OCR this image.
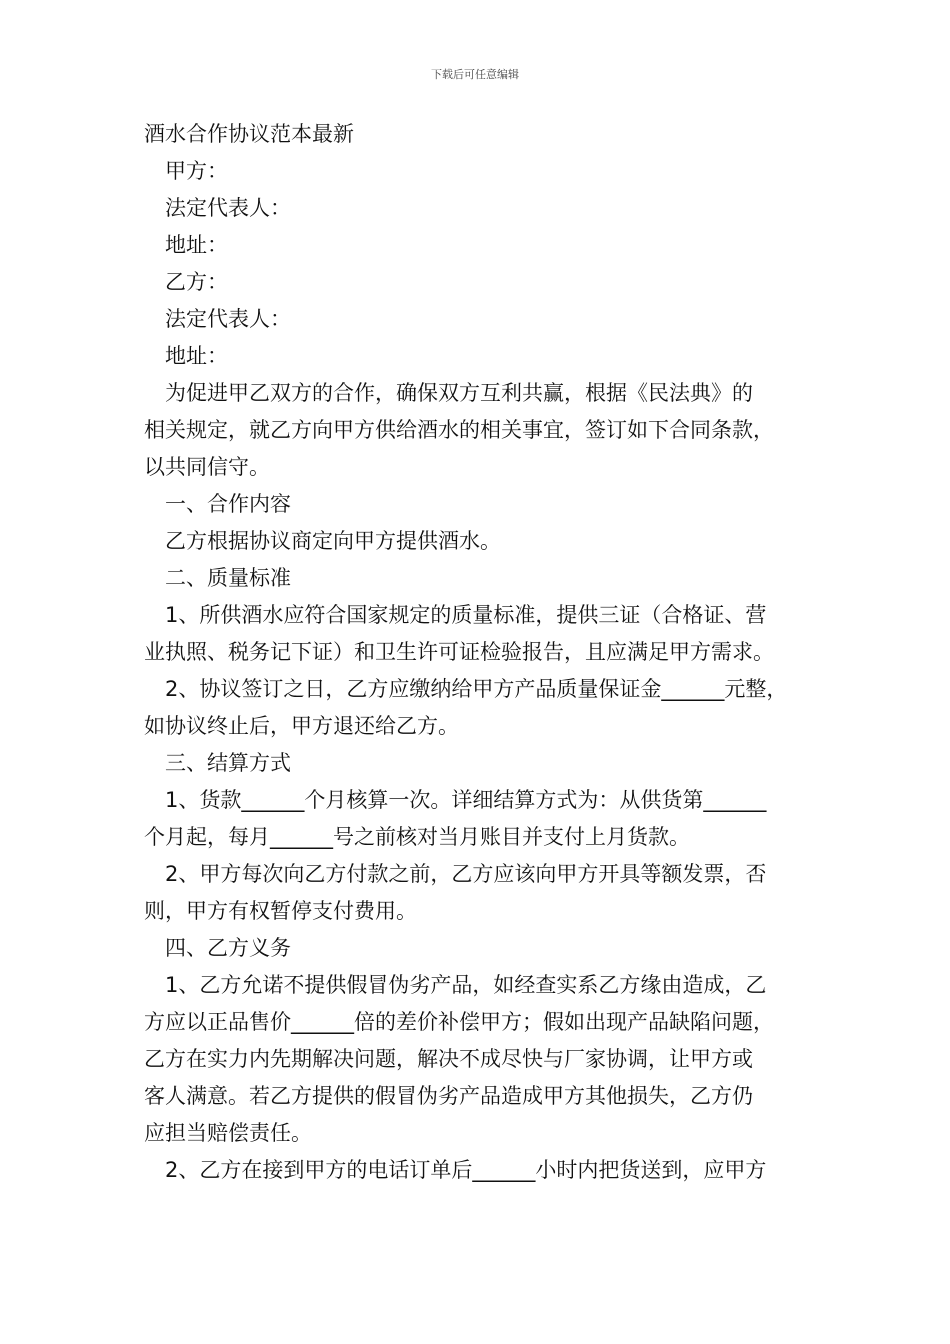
下载后可任意编辑
酒水合作协议范本最新
甲方：
法定代表人：
地址：
乙方：
法定代表人：
地址：
为促进甲乙双方的合作，确保双方互利共赢，根据《民法典》的
相关规定，就乙方向甲方供给酒水的相关事宜，签订如下合同条款，
以共同信守。
一、合作内容
乙方根据协议商定向甲方提供酒水。
二、质量标准
1、所供酒水应符合国家规定的质量标准，提供三证（合格证、营
业执照、税务记下证）和卫生许可证检验报告，且应满足甲方需求。
2、协议签订之日，乙方应缴纳给甲方产品质量保证金______元整，
如协议终止后，甲方退还给乙方。
三、结算方式
1、货款______个月核算一次。详细结算方式为：从供货第______
个月起，每月______号之前核对当月账目并支付上月货款。
2、甲方每次向乙方付款之前，乙方应该向甲方开具等额发票，否
则，甲方有权暂停支付费用。
四、乙方义务
1、乙方允诺不提供假冒伪劣产品，如经查实系乙方缘由造成，乙
方应以正品售价______倍的差价补偿甲方；假如出现产品缺陷问题，
乙方在实力内先期解决问题，解决不成尽快与厂家协调，让甲方或
客人满意。若乙方提供的假冒伪劣产品造成甲方其他损失，乙方仍
应担当赔偿责任。
2、乙方在接到甲方的电话订单后______小时内把货送到，应甲方
